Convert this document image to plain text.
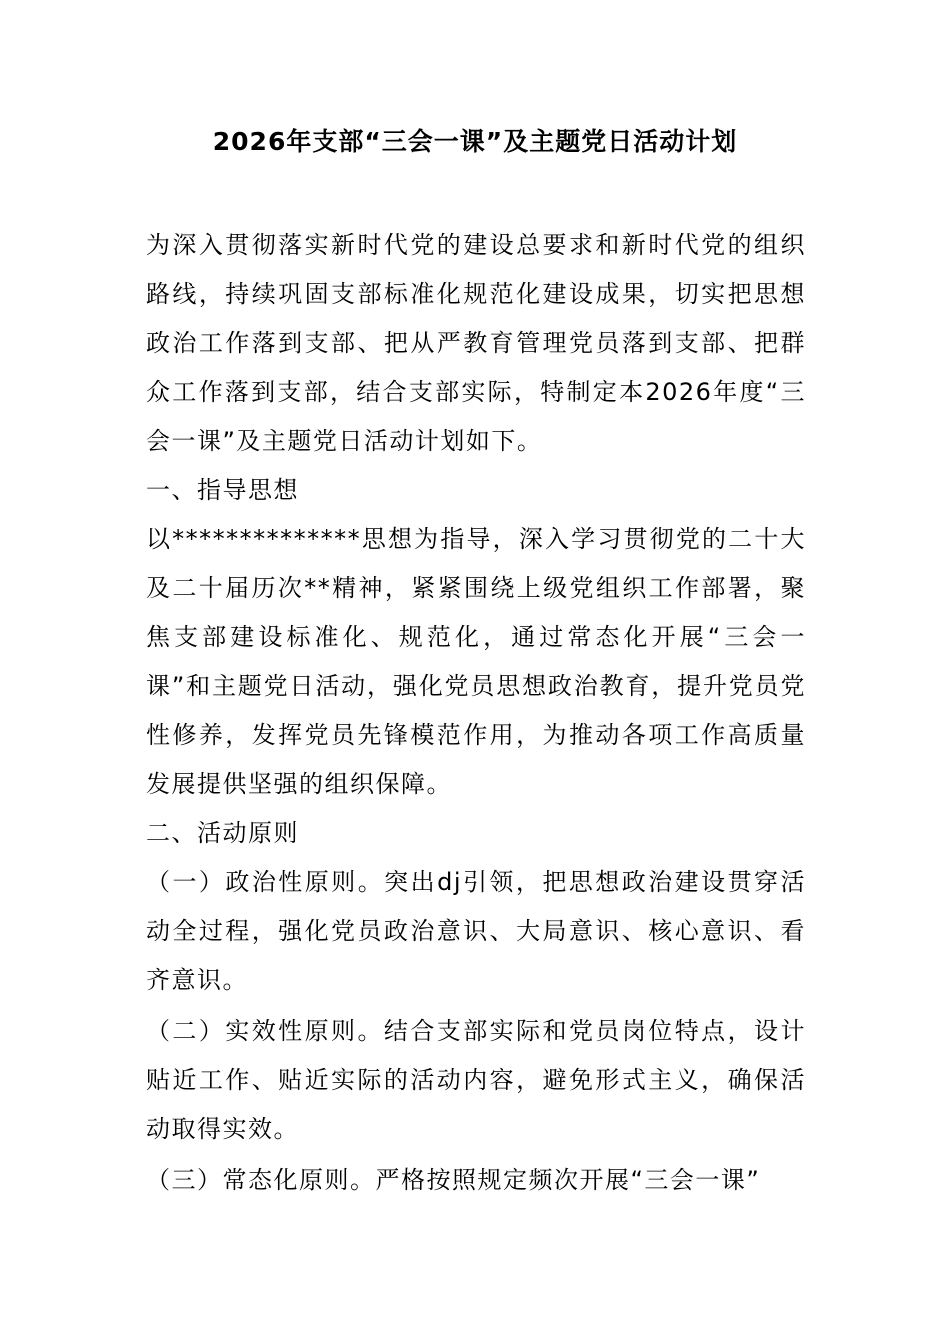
2026年支部“三会一课”及主题党日活动计划

为深入贯彻落实新时代党的建设总要求和新时代党的组织路线，持续巩固支部标准化规范化建设成果，切实把思想政治工作落到支部、把从严教育管理党员落到支部、把群众工作落到支部，结合支部实际，特制定本2026年度“三会一课”及主题党日活动计划如下。

一、指导思想

以**************思想为指导，深入学习贯彻党的二十大及二十届历次**精神，紧紧围绕上级党组织工作部署，聚焦支部建设标准化、规范化，通过常态化开展“三会一课”和主题党日活动，强化党员思想政治教育，提升党员党性修养，发挥党员先锋模范作用，为推动各项工作高质量发展提供坚强的组织保障。

二、活动原则

（一）政治性原则。突出dj引领，把思想政治建设贯穿活动全过程，强化党员政治意识、大局意识、核心意识、看齐意识。

（二）实效性原则。结合支部实际和党员岗位特点，设计贴近工作、贴近实际的活动内容，避免形式主义，确保活动取得实效。

（三）常态化原则。严格按照规定频次开展“三会一课”
